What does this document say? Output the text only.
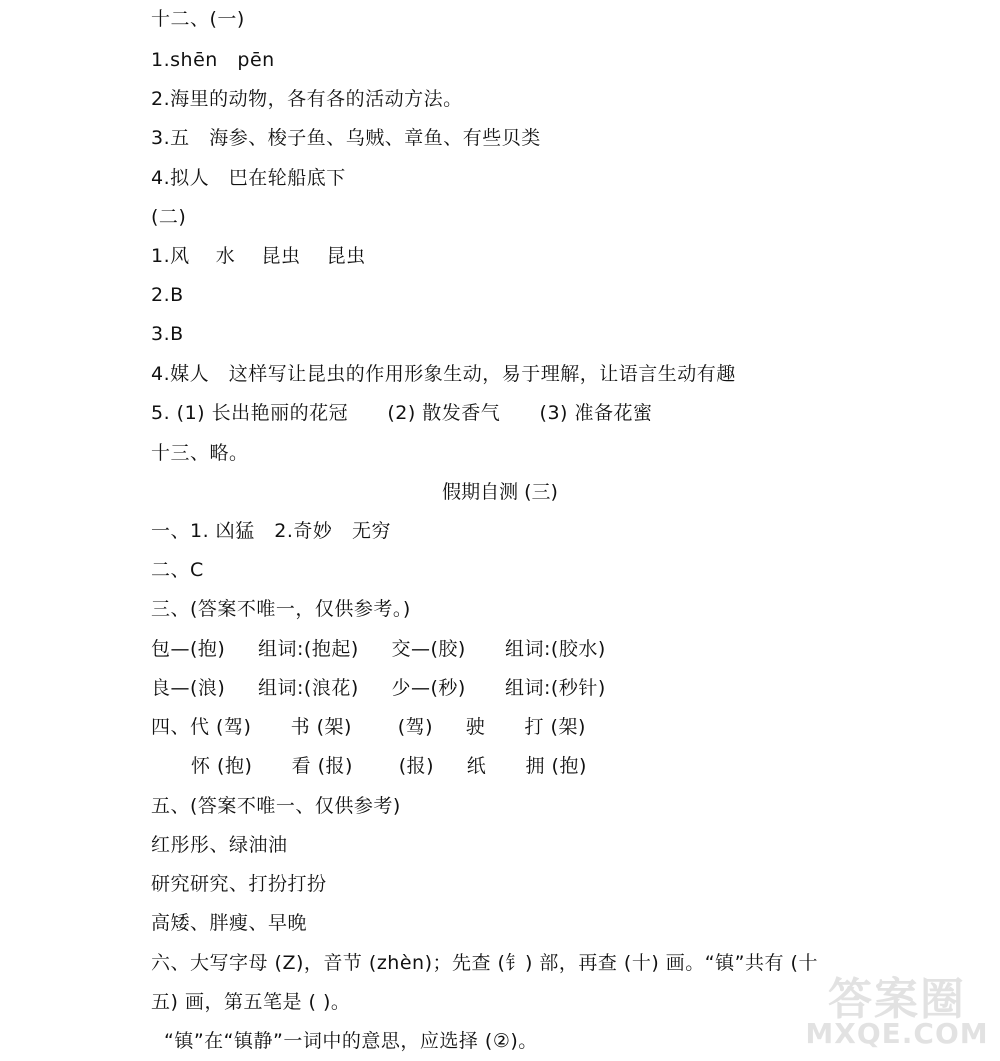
十二、(一)
1.shēn   pēn
2.海里的动物，各有各的活动方法。
3.五   海参、梭子鱼、乌贼、章鱼、有些贝类
4.拟人   巴在轮船底下
(二)
1.风    水    昆虫    昆虫
2.B
3.B
4.媒人   这样写让昆虫的作用形象生动，易于理解，让语言生动有趣
5. (1) 长出艳丽的花冠      (2) 散发香气      (3) 准备花蜜
十三、略。
假期自测 (三)
一、1. 凶猛   2.奇妙   无穷
二、C
三、(答案不唯一，仅供参考。)
包—(抱)     组词:(抱起)     交—(胶)      组词:(胶水)
良—(浪)     组词:(浪花)     少—(秒)      组词:(秒针)
四、代 (驾)      书 (架)       (驾)     驶      打 (架)
怀 (抱)      看 (报)       (报)     纸      拥 (抱)
五、(答案不唯一、仅供参考)
红彤彤、绿油油
研究研究、打扮打扮
高矮、胖瘦、早晚
六、大写字母 (Z)，音节 (zhèn)；先查 (钅) 部，再查 (十) 画。“镇”共有 (十
五) 画，第五笔是 ( )。
“镇”在“镇静”一词中的意思，应选择 (②)。
答案圈
MXQE.COM
